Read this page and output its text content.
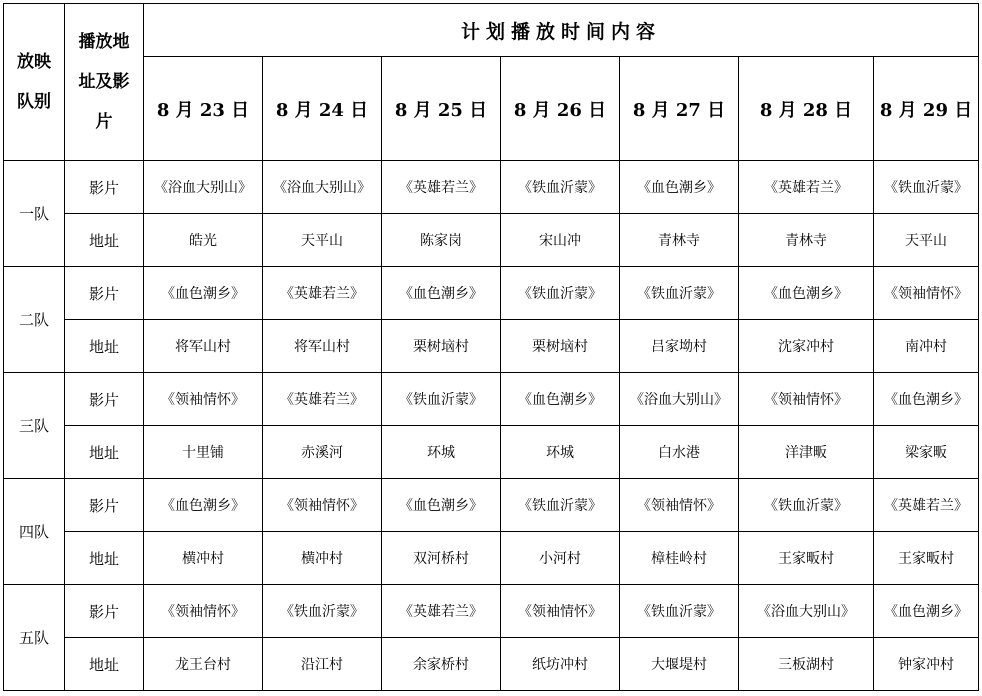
放映队别	播放地址及影片	计划播放时间内容						
		8 月 23 日	8 月 24 日	8 月 25 日	8 月 26 日	8 月 27 日	8 月 28 日	8 月 29 日
一队	影片	《浴血大别山》	《浴血大别山》	《英雄若兰》	《铁血沂蒙》	《血色潮乡》	《英雄若兰》	《铁血沂蒙》
	地址	皓光	天平山	陈家岗	宋山冲	青林寺	青林寺	天平山
二队	影片	《血色潮乡》	《英雄若兰》	《血色潮乡》	《铁血沂蒙》	《铁血沂蒙》	《血色潮乡》	《领袖情怀》
	地址	将军山村	将军山村	栗树垴村	栗树垴村	吕家坳村	沈家冲村	南冲村
三队	影片	《领袖情怀》	《英雄若兰》	《铁血沂蒙》	《血色潮乡》	《浴血大别山》	《领袖情怀》	《血色潮乡》
	地址	十里铺	赤溪河	环城	环城	白水港	洋津畈	梁家畈
四队	影片	《血色潮乡》	《领袖情怀》	《血色潮乡》	《铁血沂蒙》	《领袖情怀》	《铁血沂蒙》	《英雄若兰》
	地址	横冲村	横冲村	双河桥村	小河村	樟桂岭村	王家畈村	王家畈村
五队	影片	《领袖情怀》	《铁血沂蒙》	《英雄若兰》	《领袖情怀》	《铁血沂蒙》	《浴血大别山》	《血色潮乡》
	地址	龙王台村	沿江村	余家桥村	纸坊冲村	大堰堤村	三板湖村	钟家冲村
